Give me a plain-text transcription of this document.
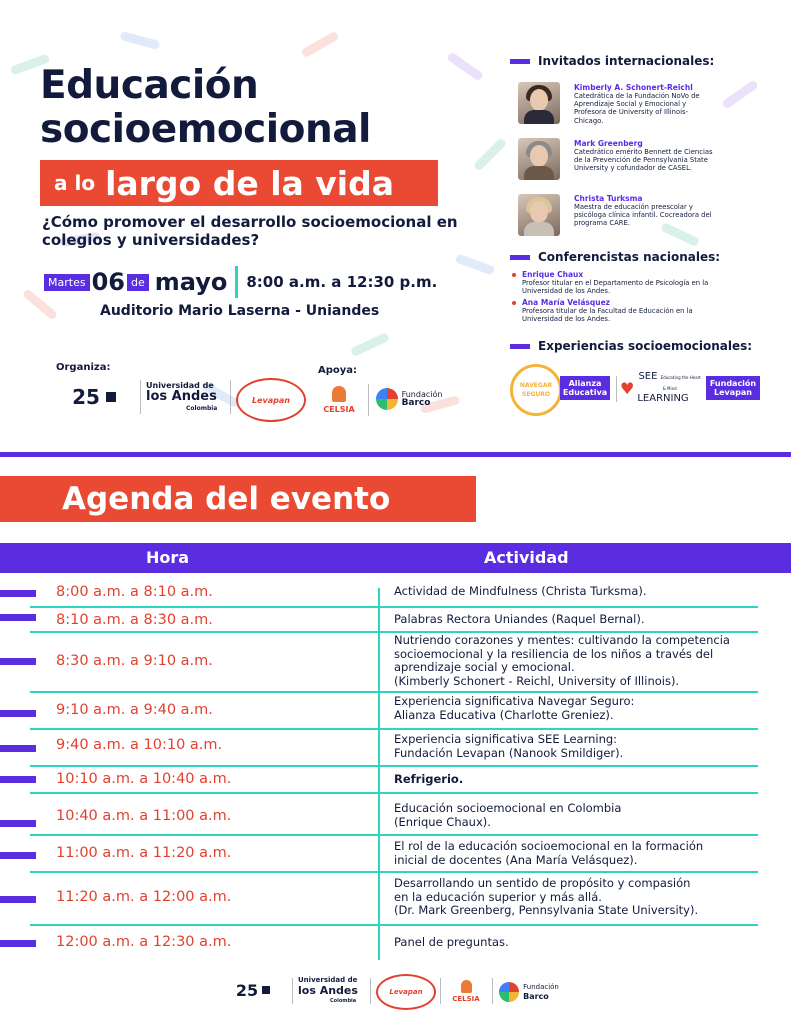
Educación
socioemocional
a lo largo de la vida
¿Cómo promover el desarrollo socioemocional en colegios y universidades?
Martes 06 de mayo 8:00 a.m. a 12:30 p.m.
Auditorio Mario Laserna - Uniandes
Organiza:
25	Universidad de
los Andes
Colombia
Levapan
Apoya:
CELSIA
Fundación
Barco
Invitados internacionales:
Kimberly A. Schonert-Reichl
Catedrática de la Fundación NoVo de Aprendizaje Social y Emocional y Profesora de University of Illinois-Chicago.
Mark Greenberg
Catedrático emérito Bennett de Ciencias de la Prevención de Pennsylvania State University y cofundador de CASEL.
Christa Turksma
Maestra de educación preescolar y psicóloga clínica infantil. Cocreadora del programa CARE.
Conferencistas nacionales:
Enrique Chaux
Profesor titular en el Departamento de Psicología en la Universidad de los Andes.
Ana María Velásquez
Profesora titular de la Facultad de Educación en la Universidad de los Andes.
Experiencias socioemocionales:
NAVEGAR SEGURO
Alianza Educativa ♥
SEE Educating the Heart & Mind
LEARNING
Fundación
Levapan
Agenda del evento
Hora	Actividad
8:00 a.m. a 8:10 a.m.	Actividad de Mindfulness (Christa Turksma).
8:10 a.m. a 8:30 a.m.	Palabras Rectora Uniandes (Raquel Bernal).
8:30 a.m. a 9:10 a.m.
Nutriendo corazones y mentes: cultivando la competencia
socioemocional y la resiliencia de los niños a través del
aprendizaje social y emocional.
(Kimberly Schonert - Reichl, University of Illinois).
9:10 a.m. a 9:40 a.m.
Experiencia significativa Navegar Seguro:
Alianza Educativa (Charlotte Greniez).
9:40 a.m. a 10:10 a.m.	Experiencia significativa SEE Learning:
Fundación Levapan (Nanook Smildiger).
10:10 a.m. a 10:40 a.m.	Refrigerio.
10:40 a.m. a 11:00 a.m.	Educación socioemocional en Colombia
(Enrique Chaux).
11:00 a.m. a 11:20 a.m.	El rol de la educación socioemocional en la formación
inicial de docentes (Ana María Velásquez).
11:20 a.m. a 12:00 a.m.
Desarrollando un sentido de propósito y compasión
en la educación superior y más allá.
(Dr. Mark Greenberg, Pennsylvania State University).
12:00 a.m. a 12:30 a.m.	Panel de preguntas.
25
Universidad de
los Andes
Colombia
Levapan
CELSIA
Fundación
Barco
